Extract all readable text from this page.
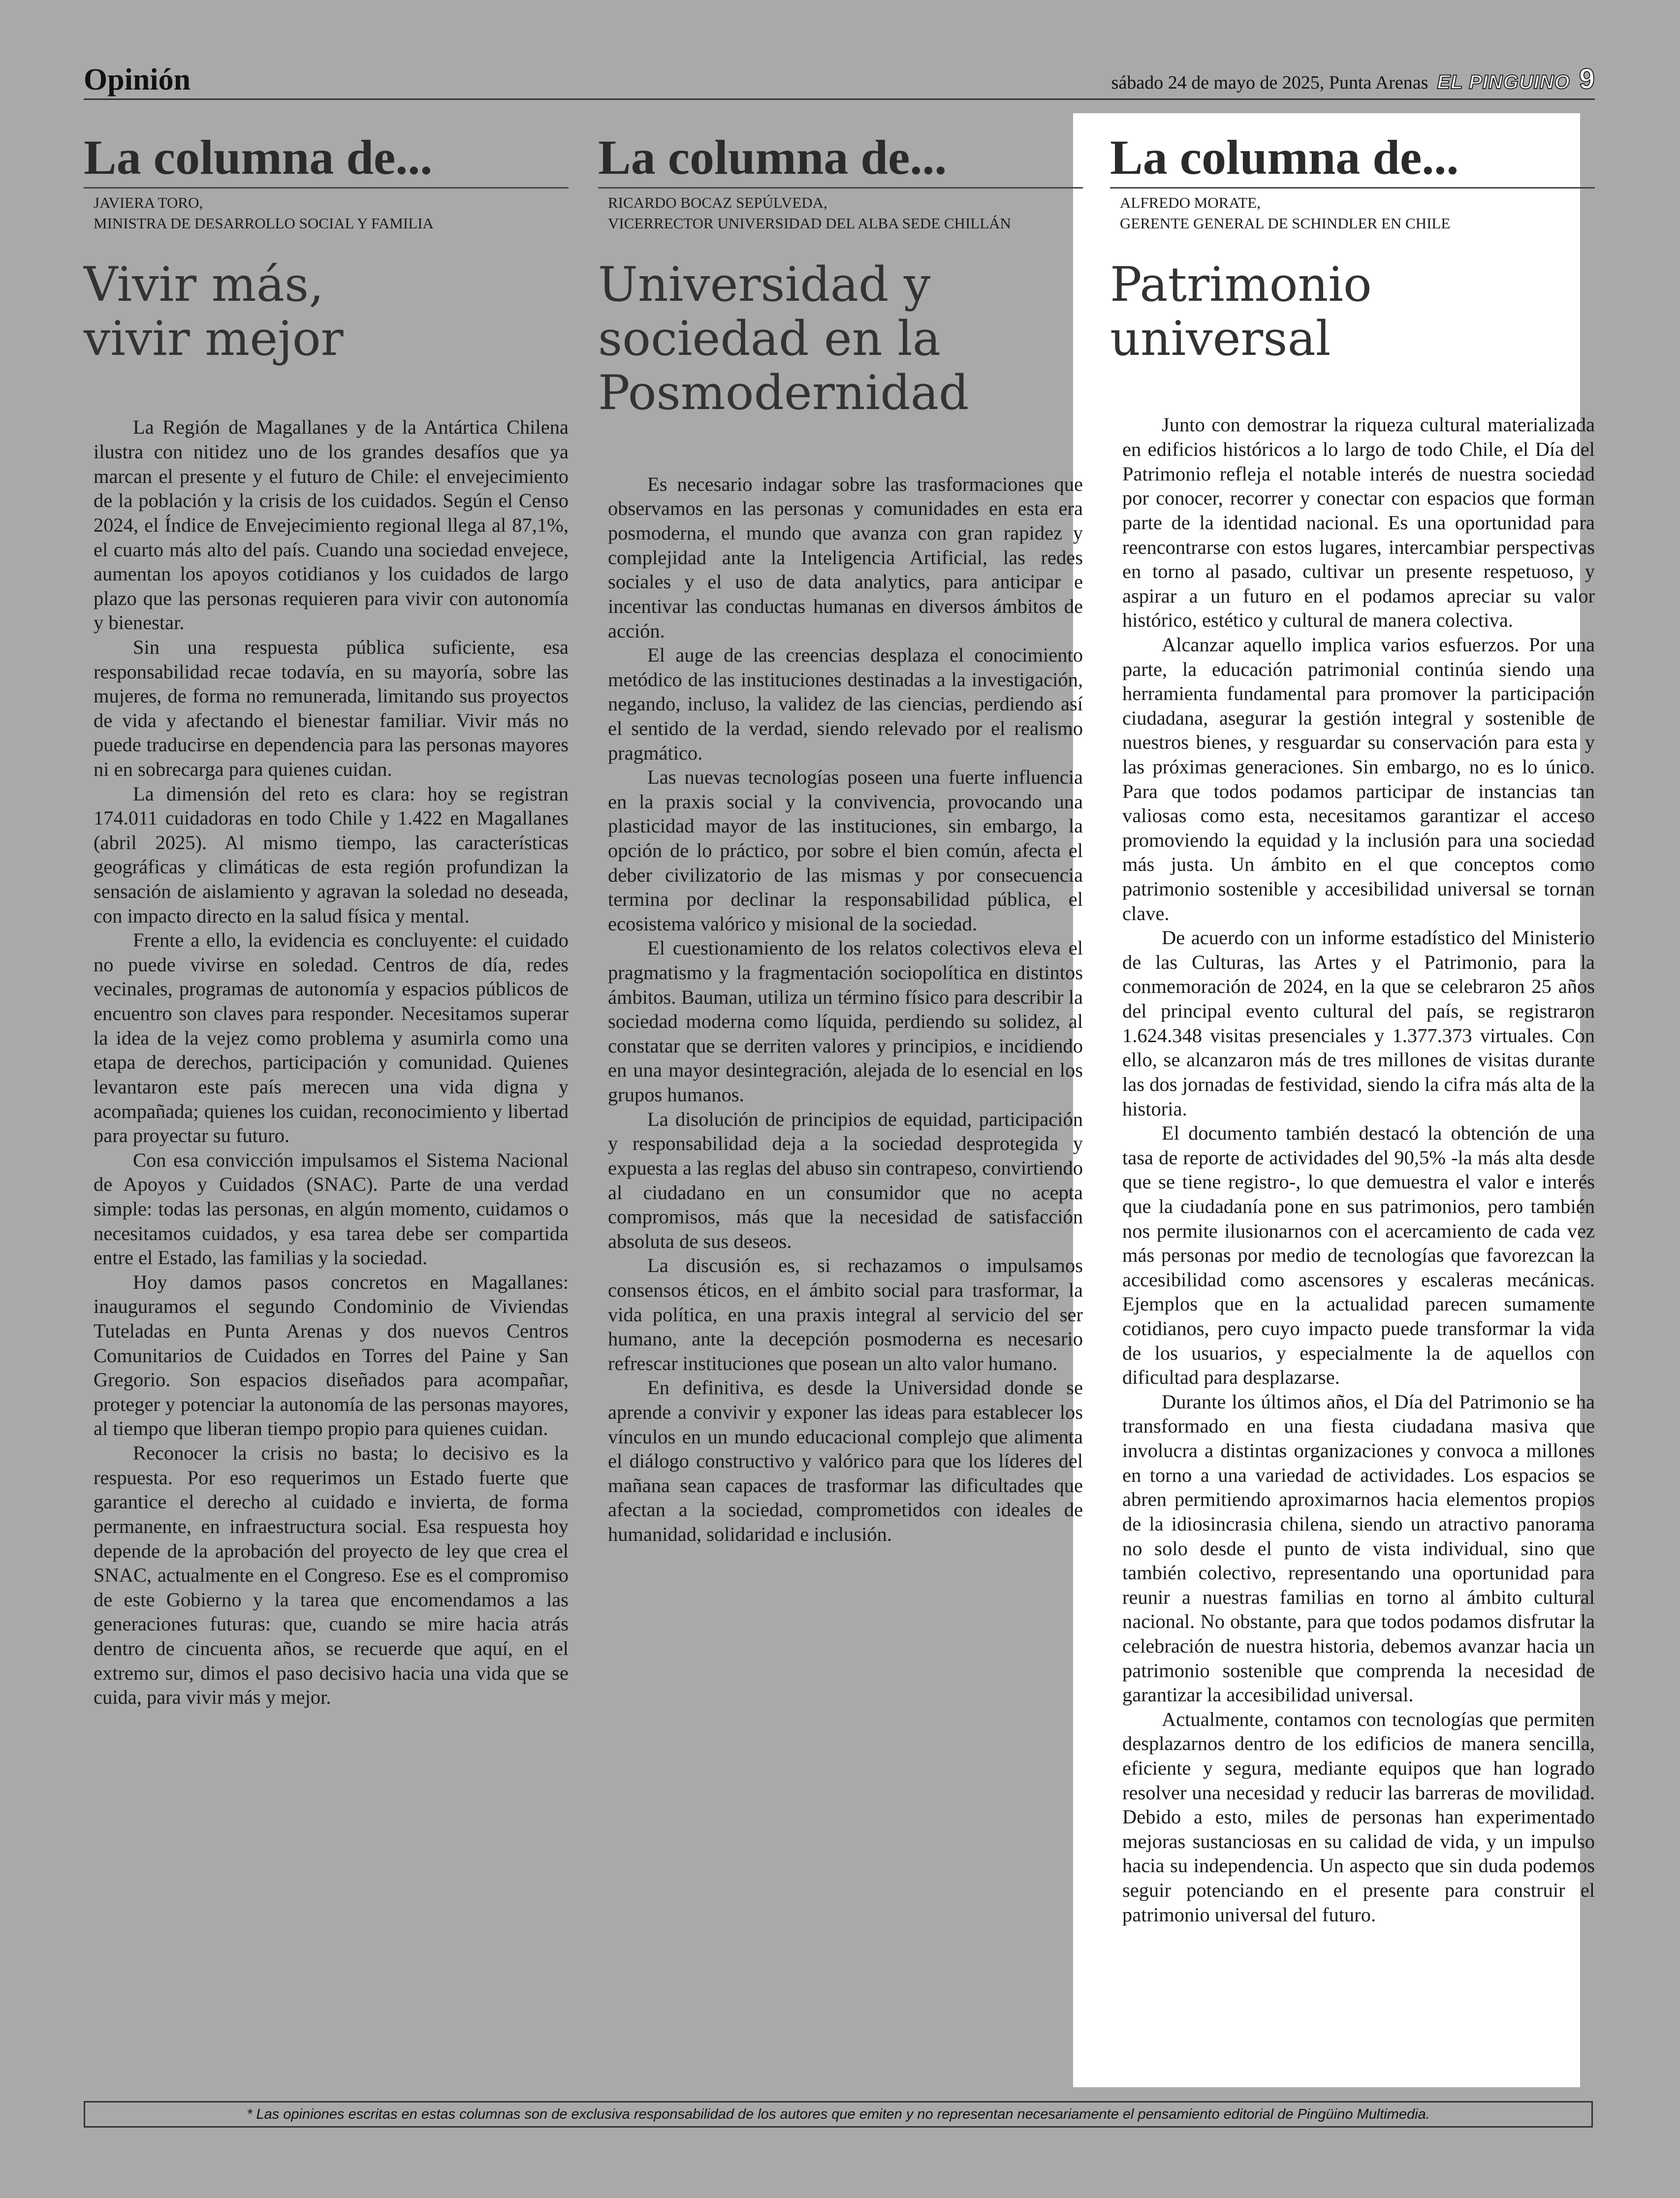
Opinión	sábado 24 de mayo de 2025, Punta Arenas EL PINGUINO 9
La columna de...
JAVIERA TORO,
MINISTRA DE DESARROLLO SOCIAL Y FAMILIA
Vivir más, vivir mejor

La Región de Magallanes y de la Antártica Chilena ilustra con nitidez uno de los grandes desafíos que ya marcan el presente y el futuro de Chile: el envejecimiento de la población y la crisis de los cuidados. Según el Censo 2024, el Índice de Envejecimiento regional llega al 87,1%, el cuarto más alto del país. Cuando una sociedad envejece, aumentan los apoyos cotidianos y los cuidados de largo plazo que las personas requieren para vivir con autonomía y bienestar.

Sin una respuesta pública suficiente, esa responsabilidad recae todavía, en su mayoría, sobre las mujeres, de forma no remunerada, limitando sus proyectos de vida y afectando el bienestar familiar. Vivir más no puede traducirse en dependencia para las personas mayores ni en sobrecarga para quienes cuidan.

La dimensión del reto es clara: hoy se registran 174.011 cuidadoras en todo Chile y 1.422 en Magallanes (abril 2025). Al mismo tiempo, las características geográficas y climáticas de esta región profundizan la sensación de aislamiento y agravan la soledad no deseada, con impacto directo en la salud física y mental.

Frente a ello, la evidencia es concluyente: el cuidado no puede vivirse en soledad. Centros de día, redes vecinales, programas de autonomía y espacios públicos de encuentro son claves para responder. Necesitamos superar la idea de la vejez como problema y asumirla como una etapa de derechos, participación y comunidad. Quienes levantaron este país merecen una vida digna y acompañada; quienes los cuidan, reconocimiento y libertad para proyectar su futuro.

Con esa convicción impulsamos el Sistema Nacional de Apoyos y Cuidados (SNAC). Parte de una verdad simple: todas las personas, en algún momento, cuidamos o necesitamos cuidados, y esa tarea debe ser compartida entre el Estado, las familias y la sociedad.

Hoy damos pasos concretos en Magallanes: inauguramos el segundo Condominio de Viviendas Tuteladas en Punta Arenas y dos nuevos Centros Comunitarios de Cuidados en Torres del Paine y San Gregorio. Son espacios diseñados para acompañar, proteger y potenciar la autonomía de las personas mayores, al tiempo que liberan tiempo propio para quienes cuidan.

Reconocer la crisis no basta; lo decisivo es la respuesta. Por eso requerimos un Estado fuerte que garantice el derecho al cuidado e invierta, de forma permanente, en infraestructura social. Esa respuesta hoy depende de la aprobación del proyecto de ley que crea el SNAC, actualmente en el Congreso. Ese es el compromiso de este Gobierno y la tarea que encomendamos a las generaciones futuras: que, cuando se mire hacia atrás dentro de cincuenta años, se recuerde que aquí, en el extremo sur, dimos el paso decisivo hacia una vida que se cuida, para vivir más y mejor.

La columna de...
RICARDO BOCAZ SEPÚLVEDA,
VICERRECTOR UNIVERSIDAD DEL ALBA SEDE CHILLÁN
Universidad y sociedad en la Posmodernidad

Es necesario indagar sobre las trasformaciones que observamos en las personas y comunidades en esta era posmoderna, el mundo que avanza con gran rapidez y complejidad ante la Inteligencia Artificial, las redes sociales y el uso de data analytics, para anticipar e incentivar las conductas humanas en diversos ámbitos de acción.

El auge de las creencias desplaza el conocimiento metódico de las instituciones destinadas a la investigación, negando, incluso, la validez de las ciencias, perdiendo así el sentido de la verdad, siendo relevado por el realismo pragmático.

Las nuevas tecnologías poseen una fuerte influencia en la praxis social y la convivencia, provocando una plasticidad mayor de las instituciones, sin embargo, la opción de lo práctico, por sobre el bien común, afecta el deber civilizatorio de las mismas y por consecuencia termina por declinar la responsabilidad pública, el ecosistema valórico y misional de la sociedad.

El cuestionamiento de los relatos colectivos eleva el pragmatismo y la fragmentación sociopolítica en distintos ámbitos. Bauman, utiliza un término físico para describir la sociedad moderna como líquida, perdiendo su solidez, al constatar que se derriten valores y principios, e incidiendo en una mayor desintegración, alejada de lo esencial en los grupos humanos.

La disolución de principios de equidad, participación y responsabilidad deja a la sociedad desprotegida y expuesta a las reglas del abuso sin contrapeso, convirtiendo al ciudadano en un consumidor que no acepta compromisos, más que la necesidad de satisfacción absoluta de sus deseos.

La discusión es, si rechazamos o impulsamos consensos éticos, en el ámbito social para trasformar, la vida política, en una praxis integral al servicio del ser humano, ante la decepción posmoderna es necesario refrescar instituciones que posean un alto valor humano.

En definitiva, es desde la Universidad donde se aprende a convivir y exponer las ideas para establecer los vínculos en un mundo educacional complejo que alimenta el diálogo constructivo y valórico para que los líderes del mañana sean capaces de trasformar las dificultades que afectan a la sociedad, comprometidos con ideales de humanidad, solidaridad e inclusión.

La columna de...
ALFREDO MORATE,
GERENTE GENERAL DE SCHINDLER EN CHILE
Patrimonio universal

Junto con demostrar la riqueza cultural materializada en edificios históricos a lo largo de todo Chile, el Día del Patrimonio refleja el notable interés de nuestra sociedad por conocer, recorrer y conectar con espacios que forman parte de la identidad nacional. Es una oportunidad para reencontrarse con estos lugares, intercambiar perspectivas en torno al pasado, cultivar un presente respetuoso, y aspirar a un futuro en el podamos apreciar su valor histórico, estético y cultural de manera colectiva.

Alcanzar aquello implica varios esfuerzos. Por una parte, la educación patrimonial continúa siendo una herramienta fundamental para promover la participación ciudadana, asegurar la gestión integral y sostenible de nuestros bienes, y resguardar su conservación para esta y las próximas generaciones. Sin embargo, no es lo único. Para que todos podamos participar de instancias tan valiosas como esta, necesitamos garantizar el acceso promoviendo la equidad y la inclusión para una sociedad más justa. Un ámbito en el que conceptos como patrimonio sostenible y accesibilidad universal se tornan clave.

De acuerdo con un informe estadístico del Ministerio de las Culturas, las Artes y el Patrimonio, para la conmemoración de 2024, en la que se celebraron 25 años del principal evento cultural del país, se registraron 1.624.348 visitas presenciales y 1.377.373 virtuales. Con ello, se alcanzaron más de tres millones de visitas durante las dos jornadas de festividad, siendo la cifra más alta de la historia.

El documento también destacó la obtención de una tasa de reporte de actividades del 90,5% -la más alta desde que se tiene registro-, lo que demuestra el valor e interés que la ciudadanía pone en sus patrimonios, pero también nos permite ilusionarnos con el acercamiento de cada vez más personas por medio de tecnologías que favorezcan la accesibilidad como ascensores y escaleras mecánicas. Ejemplos que en la actualidad parecen sumamente cotidianos, pero cuyo impacto puede transformar la vida de los usuarios, y especialmente la de aquellos con dificultad para desplazarse.

Durante los últimos años, el Día del Patrimonio se ha transformado en una fiesta ciudadana masiva que involucra a distintas organizaciones y convoca a millones en torno a una variedad de actividades. Los espacios se abren permitiendo aproximarnos hacia elementos propios de la idiosincrasia chilena, siendo un atractivo panorama no solo desde el punto de vista individual, sino que también colectivo, representando una oportunidad para reunir a nuestras familias en torno al ámbito cultural nacional. No obstante, para que todos podamos disfrutar la celebración de nuestra historia, debemos avanzar hacia un patrimonio sostenible que comprenda la necesidad de garantizar la accesibilidad universal.

Actualmente, contamos con tecnologías que permiten desplazarnos dentro de los edificios de manera sencilla, eficiente y segura, mediante equipos que han logrado resolver una necesidad y reducir las barreras de movilidad. Debido a esto, miles de personas han experimentado mejoras sustanciosas en su calidad de vida, y un impulso hacia su independencia. Un aspecto que sin duda podemos seguir potenciando en el presente para construir el patrimonio universal del futuro.

* Las opiniones escritas en estas columnas son de exclusiva responsabilidad de los autores que emiten y no representan necesariamente el pensamiento editorial de Pingüino Multimedia.
